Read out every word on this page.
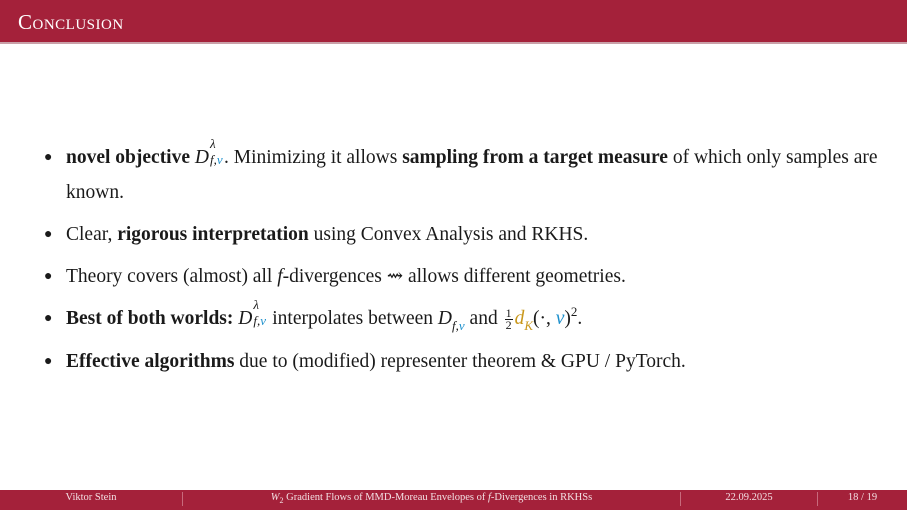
Conclusion
● novel objective D
λ
f,ν . Minimizing it allows sampling from a target measure of which only samples are known.
● Clear, rigorous interpretation using Convex Analysis and RKHS.
● Theory covers (almost) all f-divergences ⇝ allows different geometries.
● Best of both worlds: D
λ
f,ν interpolates between $D_{f,\nu}$ and $\frac{1}{2} d_K(\cdot$, ν)$^2$.
● Effective algorithms due to (modified) representer theorem & GPU / PyTorch.
Viktor Stein	$W_2$ Gradient Flows of MMD-Moreau Envelopes of f-Divergences in RKHSs	22.09.2025	18 / 19
